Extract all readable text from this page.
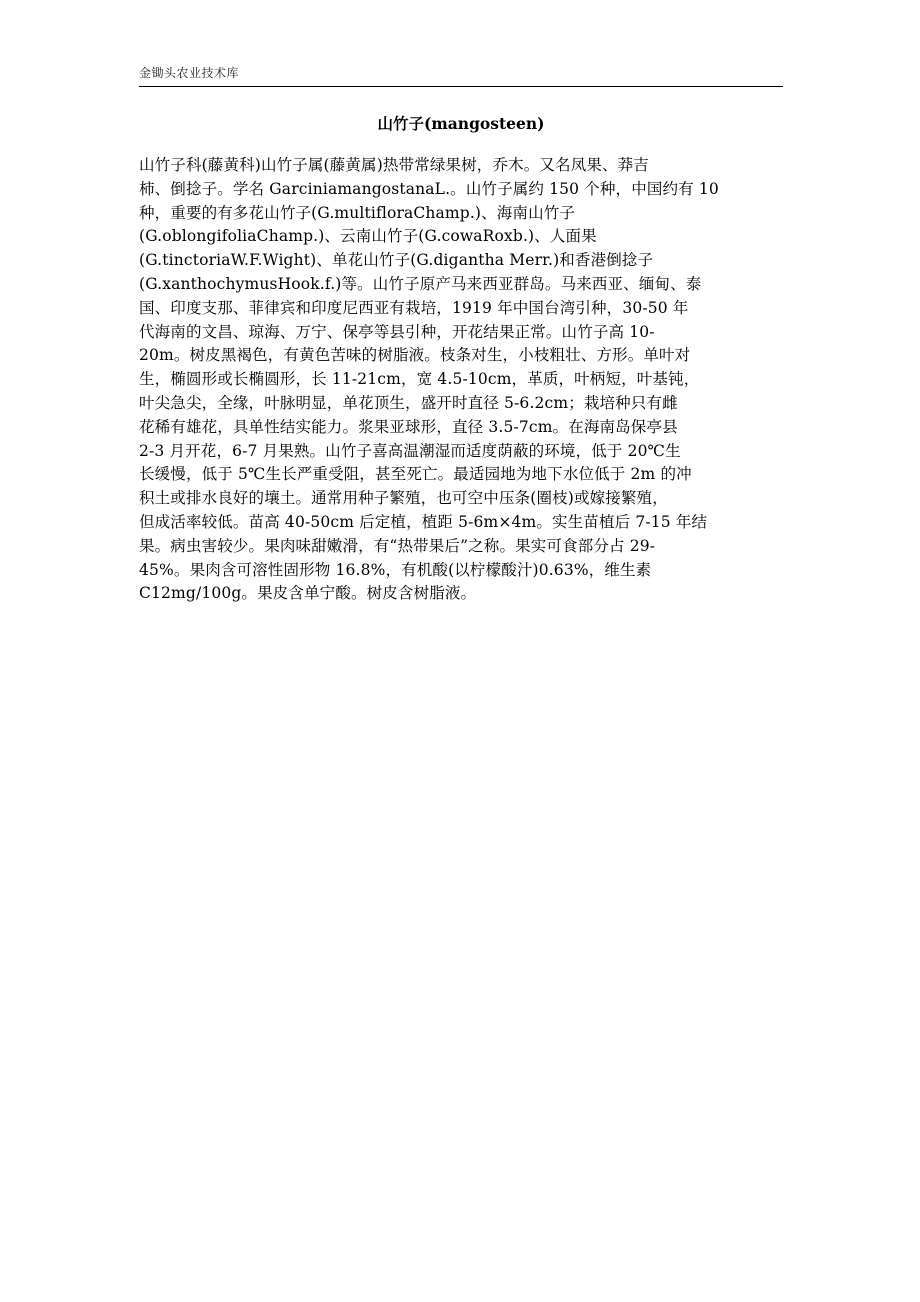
金锄头农业技术库
山竹子(mangosteen)
山竹子科(藤黄科)山竹子属(藤黄属)热带常绿果树，乔木。又名凤果、莽吉
柿、倒捻子。学名 GarciniamangostanaL.。山竹子属约 150 个种，中国约有 10
种，重要的有多花山竹子(G.multifloraChamp.)、海南山竹子
(G.oblongifoliaChamp.)、云南山竹子(G.cowaRoxb.)、人面果
(G.tinctoriaW.F.Wight)、单花山竹子(G.digantha Merr.)和香港倒捻子
(G.xanthochymusHook.f.)等。山竹子原产马来西亚群岛。马来西亚、缅甸、泰
国、印度支那、菲律宾和印度尼西亚有栽培，1919 年中国台湾引种，30-50 年
代海南的文昌、琼海、万宁、保亭等县引种，开花结果正常。山竹子高 10-
20m。树皮黑褐色，有黄色苦味的树脂液。枝条对生，小枝粗壮、方形。单叶对
生，椭圆形或长椭圆形，长 11-21cm，宽 4.5-10cm，革质，叶柄短，叶基钝，
叶尖急尖，全缘，叶脉明显，单花顶生，盛开时直径 5-6.2cm；栽培种只有雌
花稀有雄花，具单性结实能力。浆果亚球形，直径 3.5-7cm。在海南岛保亭县
2-3 月开花，6-7 月果熟。山竹子喜高温潮湿而适度荫蔽的环境，低于 20℃生
长缓慢，低于 5℃生长严重受阻，甚至死亡。最适园地为地下水位低于 2m 的冲
积土或排水良好的壤土。通常用种子繁殖，也可空中压条(圈枝)或嫁接繁殖，
但成活率较低。苗高 40-50cm 后定植，植距 5-6m×4m。实生苗植后 7-15 年结
果。病虫害较少。果肉味甜嫩滑，有“热带果后”之称。果实可食部分占 29-
45%。果肉含可溶性固形物 16.8%，有机酸(以柠檬酸汁)0.63%，维生素
C12mg/100g。果皮含单宁酸。树皮含树脂液。
